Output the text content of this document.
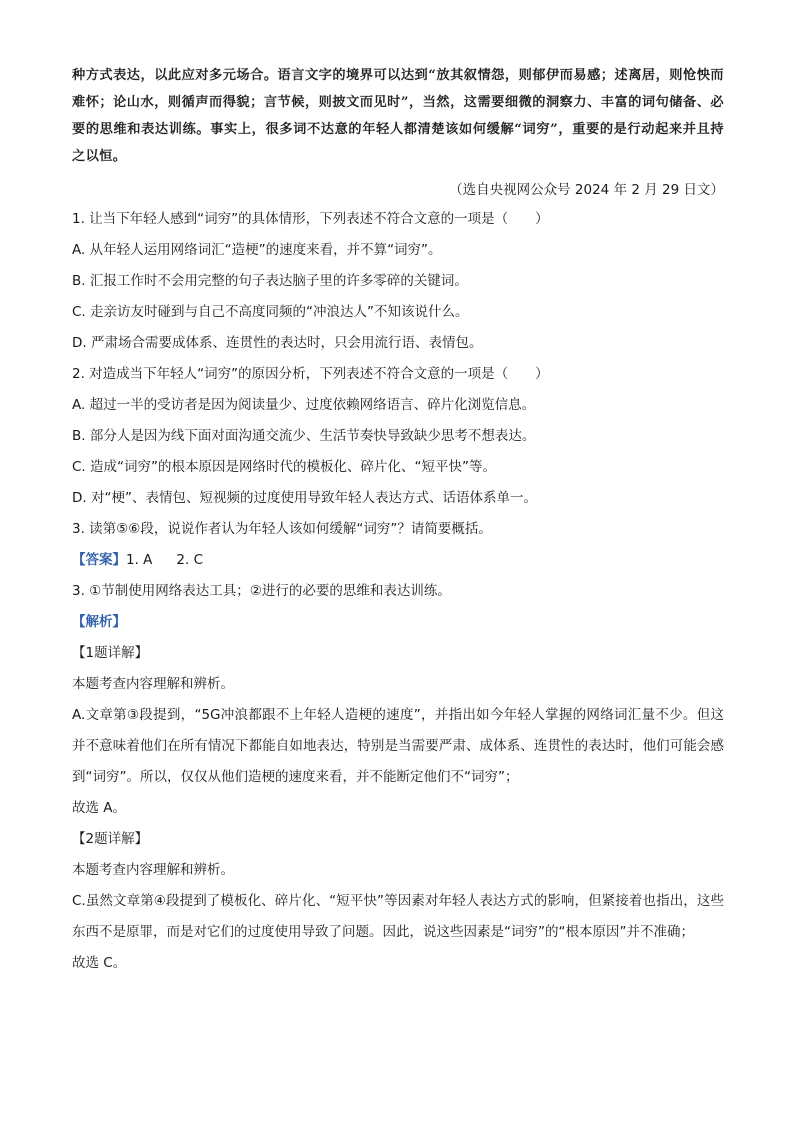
种方式表达，以此应对多元场合。语言文字的境界可以达到“放其叙情怨，则郁伊而易感；述离居，则怆怏而难怀；论山水，则循声而得貌；言节候，则披文而见时”，当然，这需要细微的洞察力、丰富的词句储备、必要的思维和表达训练。事实上，很多词不达意的年轻人都清楚该如何缓解“词穷”，重要的是行动起来并且持之以恒。

（选自央视网公众号 2024 年 2 月 29 日文）
1. 让当下年轻人感到“词穷”的具体情形，下列表述不符合文意的一项是（　　）
A. 从年轻人运用网络词汇“造梗”的速度来看，并不算“词穷”。
B. 汇报工作时不会用完整的句子表达脑子里的许多零碎的关键词。
C. 走亲访友时碰到与自己不高度同频的“冲浪达人”不知该说什么。
D. 严肃场合需要成体系、连贯性的表达时，只会用流行语、表情包。
2. 对造成当下年轻人“词穷”的原因分析，下列表述不符合文意的一项是（　　）
A. 超过一半的受访者是因为阅读量少、过度依赖网络语言、碎片化浏览信息。
B. 部分人是因为线下面对面沟通交流少、生活节奏快导致缺少思考不想表达。
C. 造成“词穷”的根本原因是网络时代的模板化、碎片化、“短平快”等。
D. 对“梗”、表情包、短视频的过度使用导致年轻人表达方式、话语体系单一。
3. 读第⑤⑥段，说说作者认为年轻人该如何缓解“词穷”？请简要概括。
【答案】1. A 2. C
3. ①节制使用网络表达工具；②进行的必要的思维和表达训练。
【解析】
【1题详解】
本题考查内容理解和辨析。
A.文章第③段提到，“5G冲浪都跟不上年轻人造梗的速度”，并指出如今年轻人掌握的网络词汇量不少。但这并不意味着他们在所有情况下都能自如地表达，特别是当需要严肃、成体系、连贯性的表达时，他们可能会感到“词穷”。所以，仅仅从他们造梗的速度来看，并不能断定他们不“词穷”；
故选 A。
【2题详解】
本题考查内容理解和辨析。
C.虽然文章第④段提到了模板化、碎片化、“短平快”等因素对年轻人表达方式的影响，但紧接着也指出，这些东西不是原罪，而是对它们的过度使用导致了问题。因此，说这些因素是“词穷”的“根本原因”并不准确；
故选 C。
